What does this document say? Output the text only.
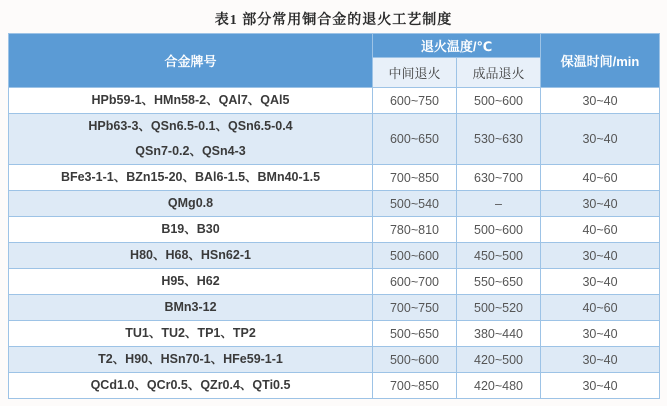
表1 部分常用铜合金的退火工艺制度
合金牌号	退火温度/℃		保温时间/min
	中间退火	成品退火	

HPb59-1、HMn58-2、QAl7、QAl5	600~750	500~600	30~40

HPb63-3、QSn6.5-0.1、QSn6.5-0.4
QSn7-0.2、QSn4-3	600~650	530~630	30~40

BFe3-1-1、BZn15-20、BAl6-1.5、BMn40-1.5	700~850	630~700	40~60

QMg0.8	500~540	–	30~40

B19、B30	780~810	500~600	40~60

H80、H68、HSn62-1	500~600	450~500	30~40

H95、H62	600~700	550~650	30~40

BMn3-12	700~750	500~520	40~60

TU1、TU2、TP1、TP2	500~650	380~440	30~40

T2、H90、HSn70-1、HFe59-1-1	500~600	420~500	30~40

QCd1.0、QCr0.5、QZr0.4、QTi0.5	700~850	420~480	30~40
